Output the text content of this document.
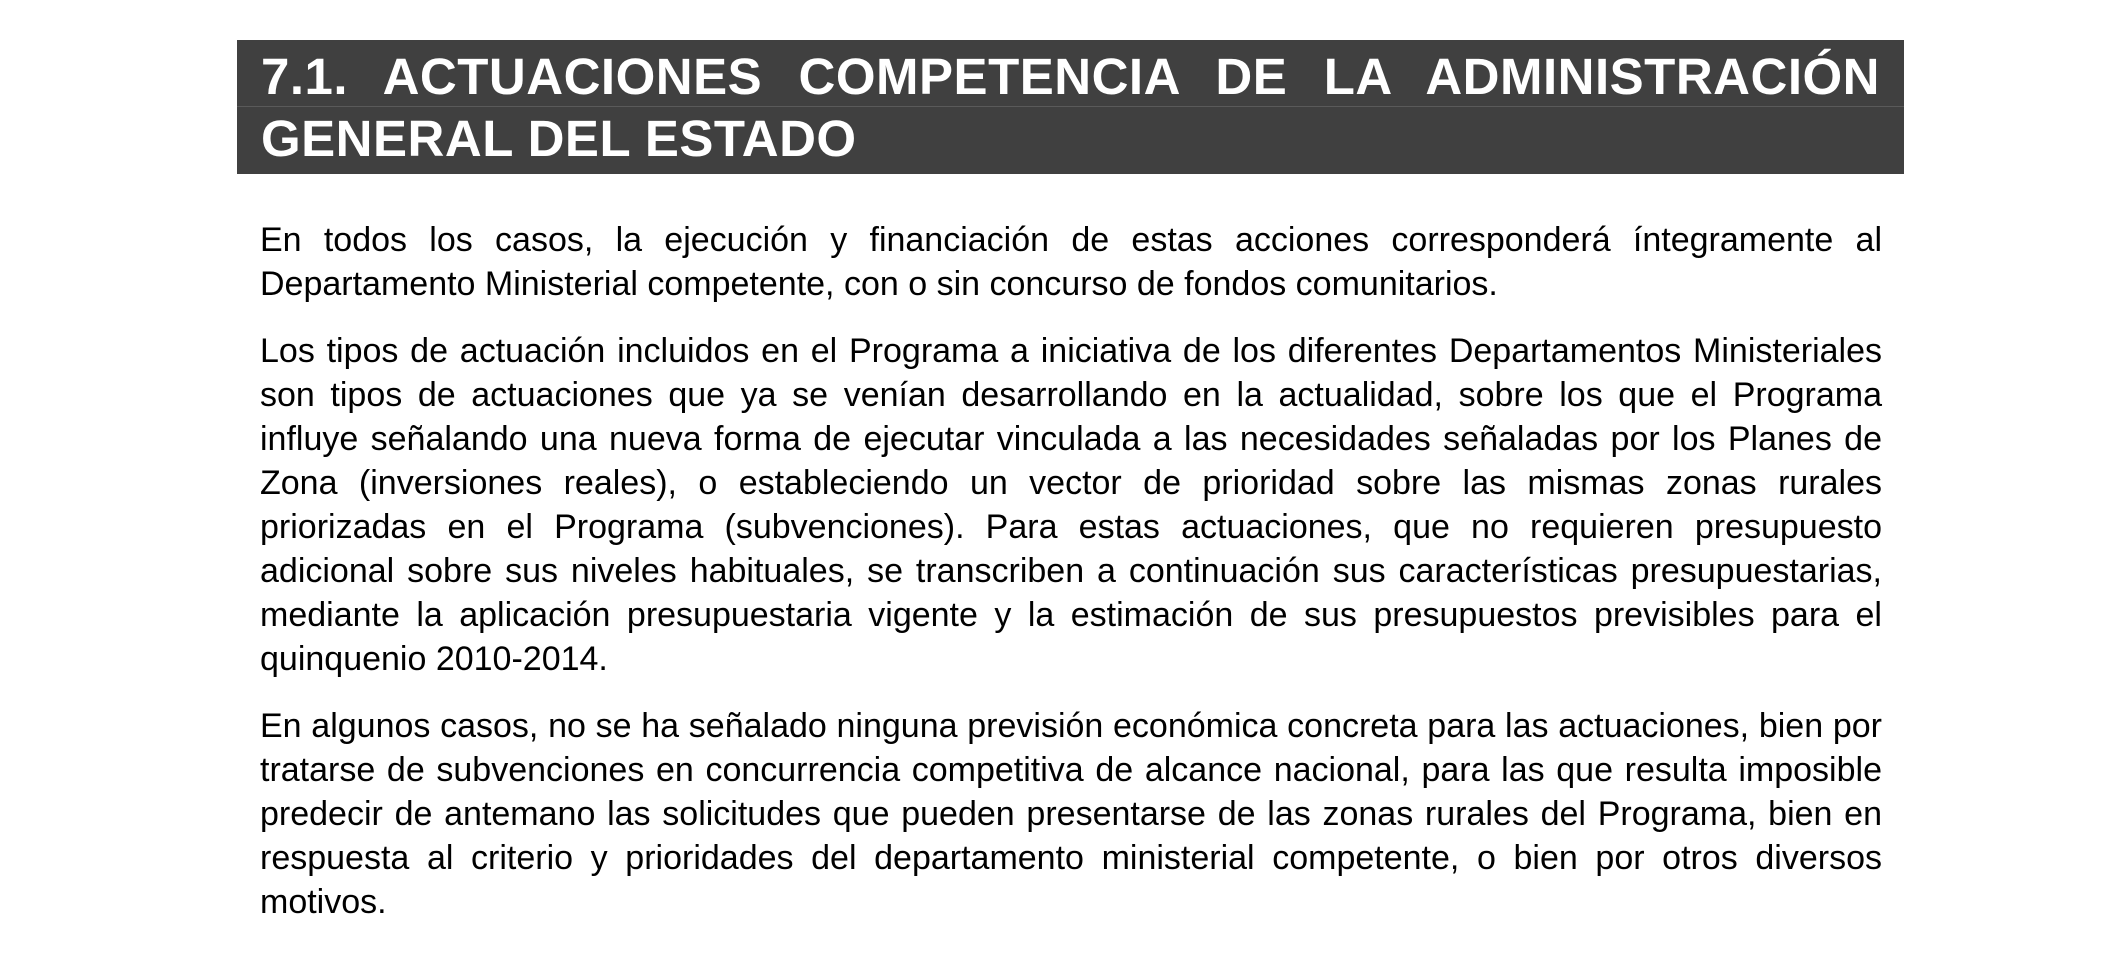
7.1. ACTUACIONES COMPETENCIA DE LA ADMINISTRACIÓN GENERAL DEL ESTADO

En todos los casos, la ejecución y financiación de estas acciones corresponderá íntegramente al Departamento Ministerial competente, con o sin concurso de fondos comunitarios.

Los tipos de actuación incluidos en el Programa a iniciativa de los diferentes Departamentos Ministeriales son tipos de actuaciones que ya se venían desarrollando en la actualidad, sobre los que el Programa influye señalando una nueva forma de ejecutar vinculada a las necesidades señaladas por los Planes de Zona (inversiones reales), o estableciendo un vector de prioridad sobre las mismas zonas rurales priorizadas en el Programa (subvenciones). Para estas actuaciones, que no requieren presupuesto adicional sobre sus niveles habituales, se transcriben a continuación sus características presupuestarias, mediante la aplicación presupuestaria vigente y la estimación de sus presupuestos previsibles para el quinquenio 2010-2014.

En algunos casos, no se ha señalado ninguna previsión económica concreta para las actuaciones, bien por tratarse de subvenciones en concurrencia competitiva de alcance nacional, para las que resulta imposible predecir de antemano las solicitudes que pueden presentarse de las zonas rurales del Programa, bien en respuesta al criterio y prioridades del departamento ministerial competente, o bien por otros diversos motivos.
